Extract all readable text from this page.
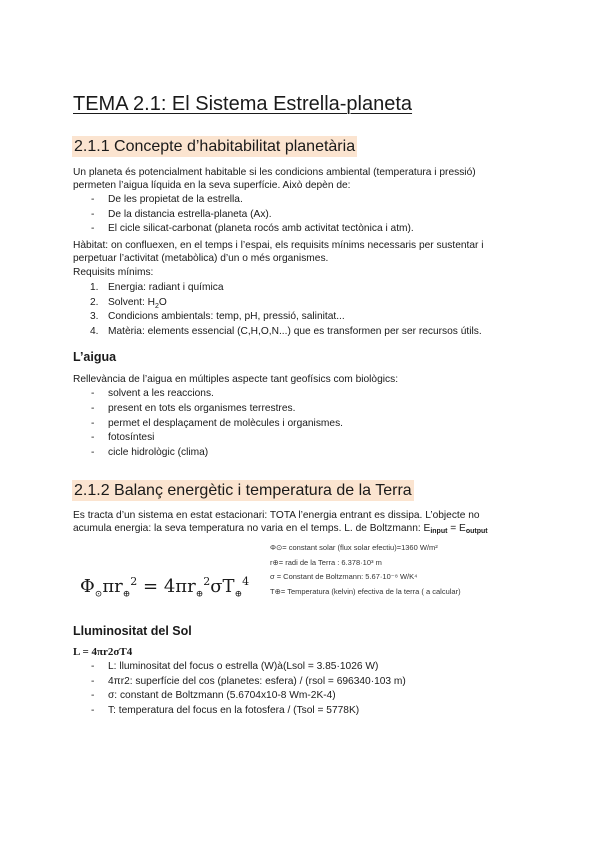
TEMA 2.1: El Sistema Estrella-planeta
2.1.1 Concepte d’habitabilitat planetària
Un planeta és potencialment habitable si les condicions ambiental (temperatura i pressió)
permeten l’aigua líquida en la seva superfície. Això depèn de:
- De les propietat de la estrella.
- De la distancia estrella-planeta (Ax).
- El cicle silicat-carbonat (planeta rocós amb activitat tectònica i atm).
Hàbitat: on confluexen, en el temps i l’espai, els requisits mínims necessaris per sustentar i
perpetuar l’activitat (metabòlica) d’un o més organismes.
Requisits mínims:
1. Energia: radiant i química
2. Solvent: $H_2O$
3. Condicions ambientals: temp, pH, pressió, salinitat...
4. Matèria: elements essencial (C,H,O,N...) que es transformen per ser recursos útils.
L’aigua
Rellevància de l’aigua en múltiples aspecte tant geofísics com biològics:
- solvent a les reaccions.
- present en tots els organismes terrestres.
- permet el desplaçament de molècules i organismes.
- fotosíntesi
- cicle hidrològic (clima)
2.1.2 Balanç energètic i temperatura de la Terra
Es tracta d’un sistema en estat estacionari: TOTA l’energia entrant es dissipa. L’objecte no
acumula energia: la seva temperatura no varia en el temps. L. de Boltzmann: $E_{input} = E_{output}$
$\Phi_⊙\pi r_\oplus^2 = 4\pi r_\oplus^2\sigma T_\oplus^4$
Φ⊙= constant solar (flux solar efectiu)=1360 W/m²
r⊕= radi de la Terra : 6.378·10³ m
σ = Constant de Boltzmann: 5.67·10⁻⁸ W/K⁴
T⊕= Temperatura (kelvin) efectiva de la terra ( a calcular)
Lluminositat del Sol
L = 4πr2σT4
- L: lluminositat del focus o estrella (W)à(Lsol = 3.85·1026 W)
- 4πr2: superfície del cos (planetes: esfera) / (rsol = 696340·103 m)
- σ: constant de Boltzmann (5.6704x10-8 Wm-2K-4)
- T: temperatura del focus en la fotosfera / (Tsol = 5778K)
